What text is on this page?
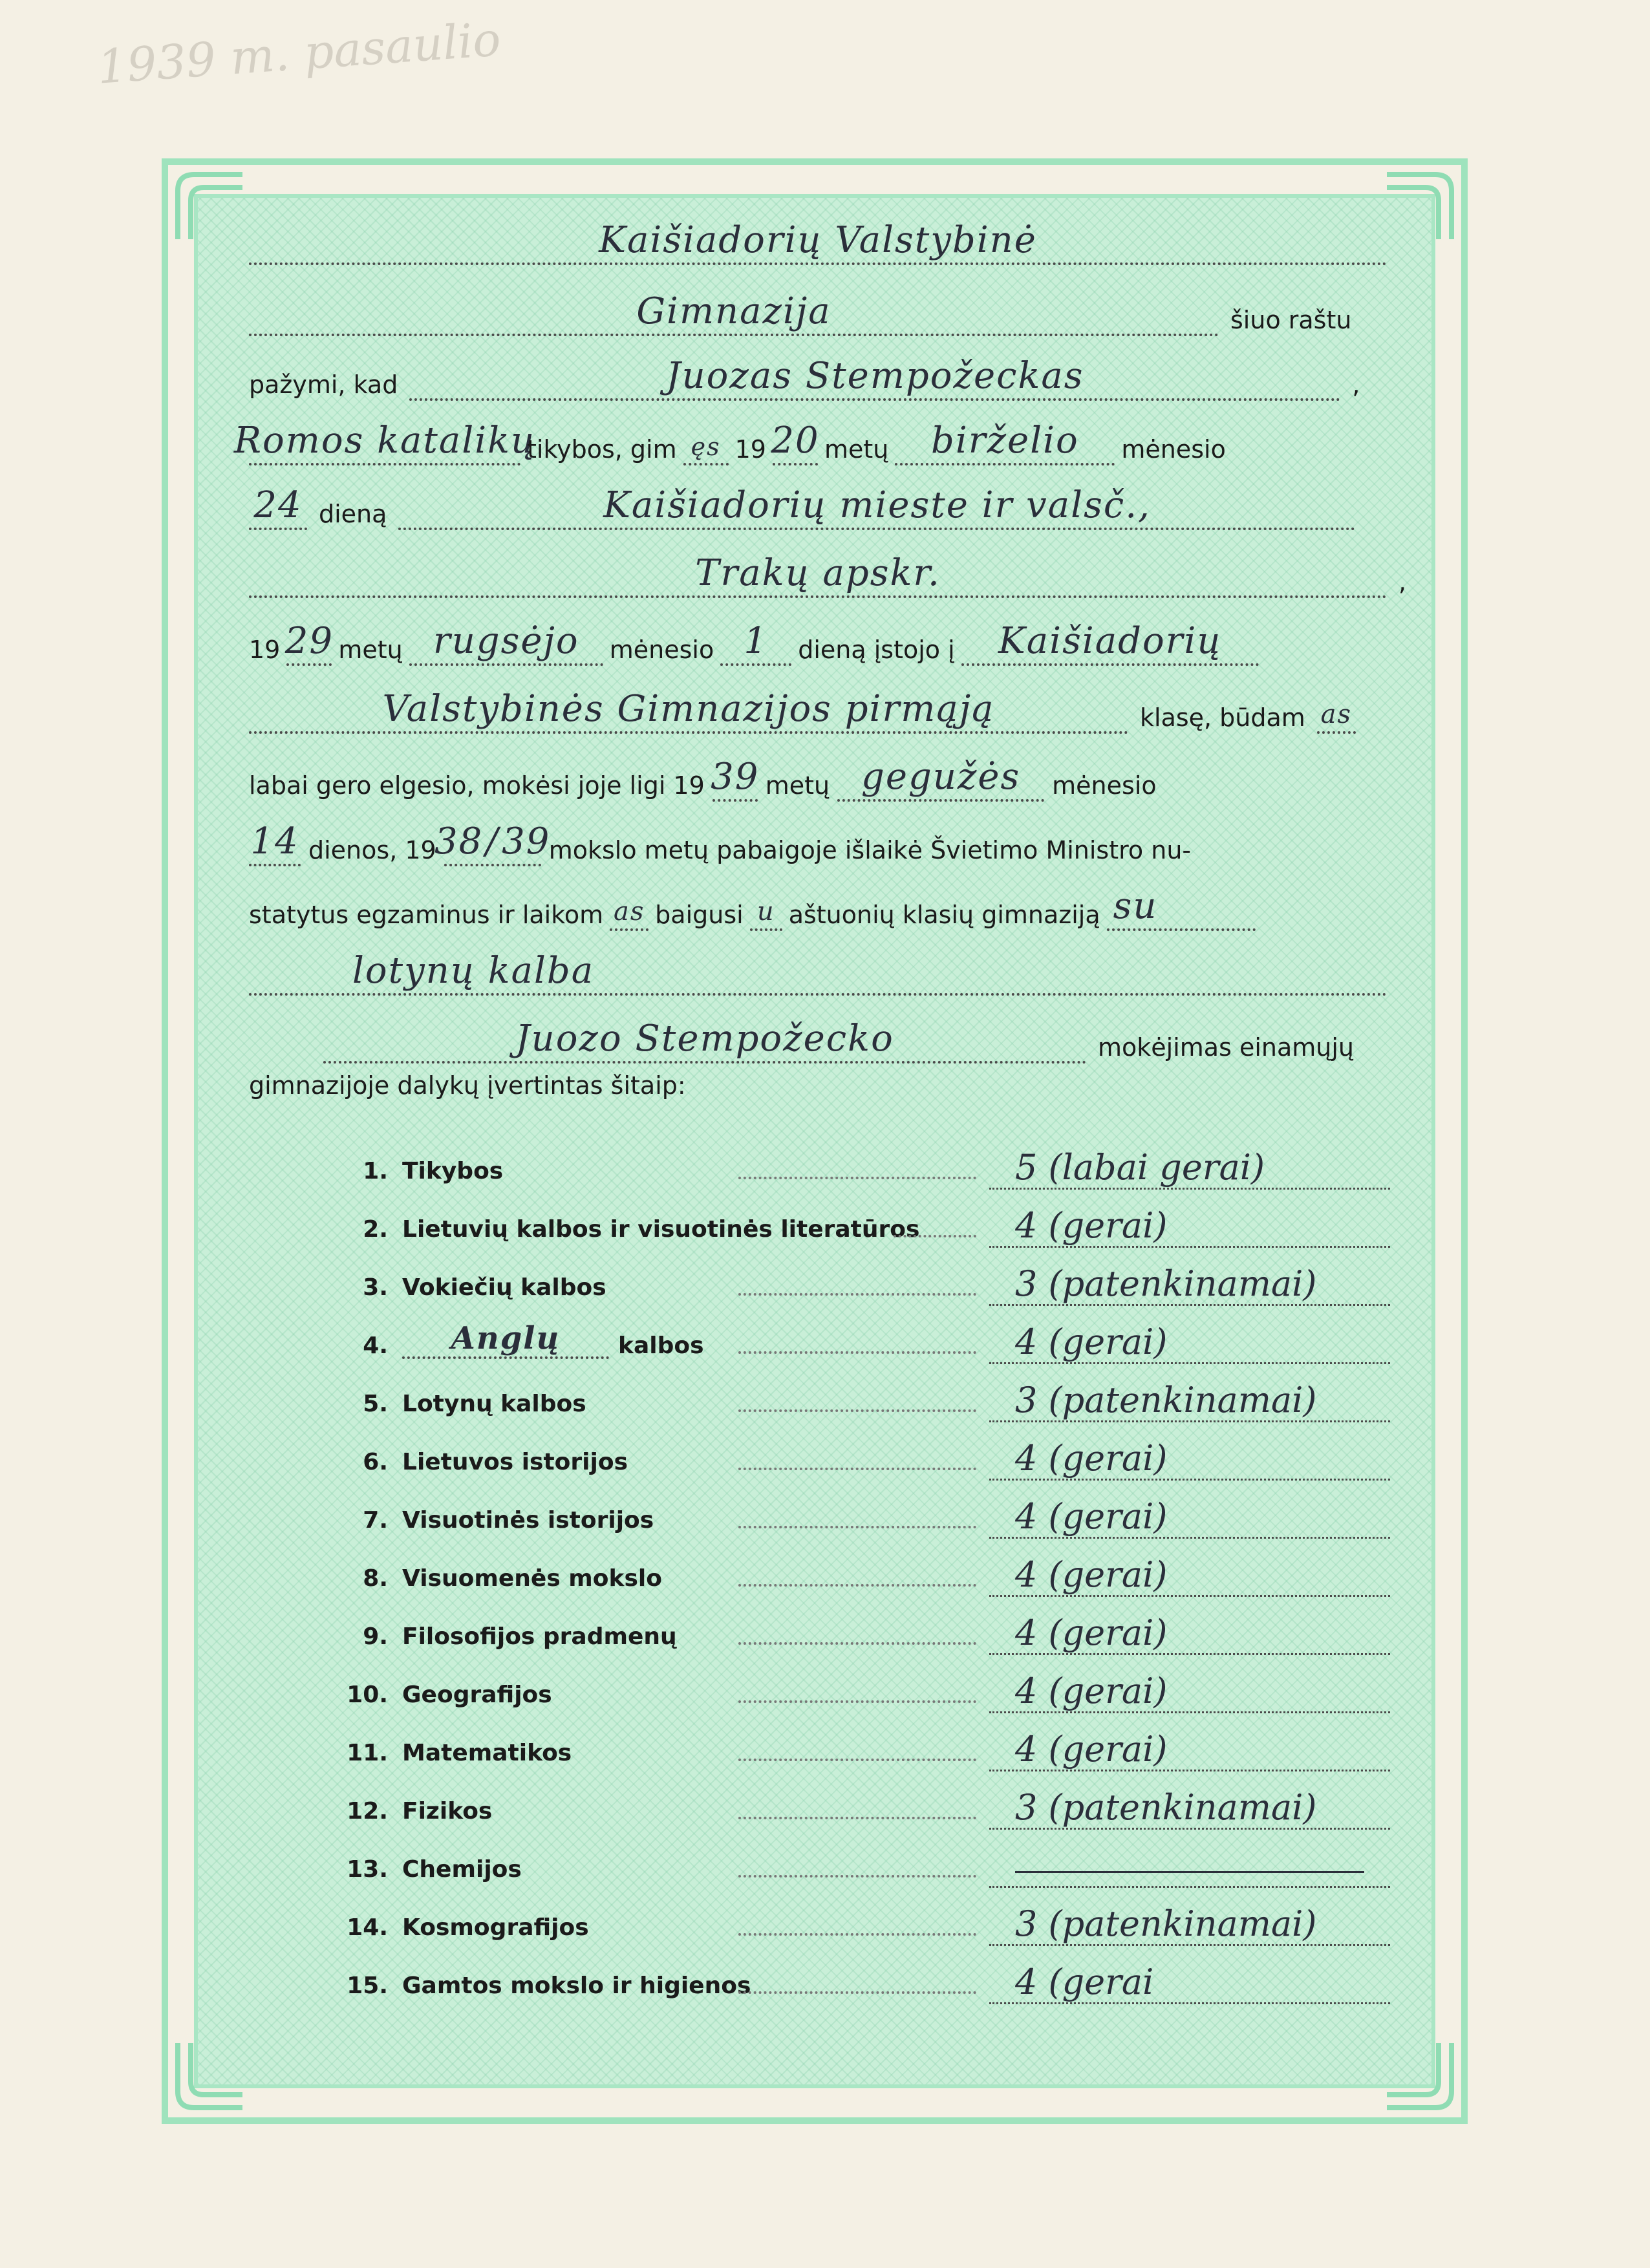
1939 m. pasaulio
Kaišiadorių Valstybinė
Gimnazija	šiuo raštu
pažymi, kad	Juozas Stempožeckas	,
Romos katalikų
tikybos, gim ęs 19 20 metų	birželio	mėnesio
24 dieną	Kaišiadorių mieste ir valsč.,
Trakų apskr.	,
19 29 metų rugsėjo	mėnesio 1	dieną įstojo į	Kaišiadorių
Valstybinės Gimnazijos pirmąją	klasę, būdam as
labai gero elgesio, mokėsi joje ligi 19 39 metų gegužės	mėnesio
14 dienos, 19
38 / 39
mokslo metų pabaigoje išlaikė Švietimo Ministro nu-
statytus egzaminus ir laikom as baigusi u aštuonių klasių gimnaziją su
lotynų kalba
Juozo Stempožecko	mokėjimas einamųjų
gimnazijoje dalykų įvertintas šitaip:
1. Tikybos	5 (labai gerai)
2. Lietuvių kalbos ir visuotinės literatūros	4 (gerai)
3. Vokiečių kalbos	3 (patenkinamai)
4.	Anglų	kalbos	4 (gerai)
5. Lotynų kalbos	3 (patenkinamai)
6. Lietuvos istorijos	4 (gerai)
7. Visuotinės istorijos	4 (gerai)
8. Visuomenės mokslo	4 (gerai)
9. Filosofijos pradmenų	4 (gerai)
10. Geografijos	4 (gerai)
11. Matematikos	4 (gerai)
12. Fizikos	3 (patenkinamai)
13. Chemijos
14. Kosmografijos	3 (patenkinamai)
15. Gamtos mokslo ir higienos	4 (gerai
